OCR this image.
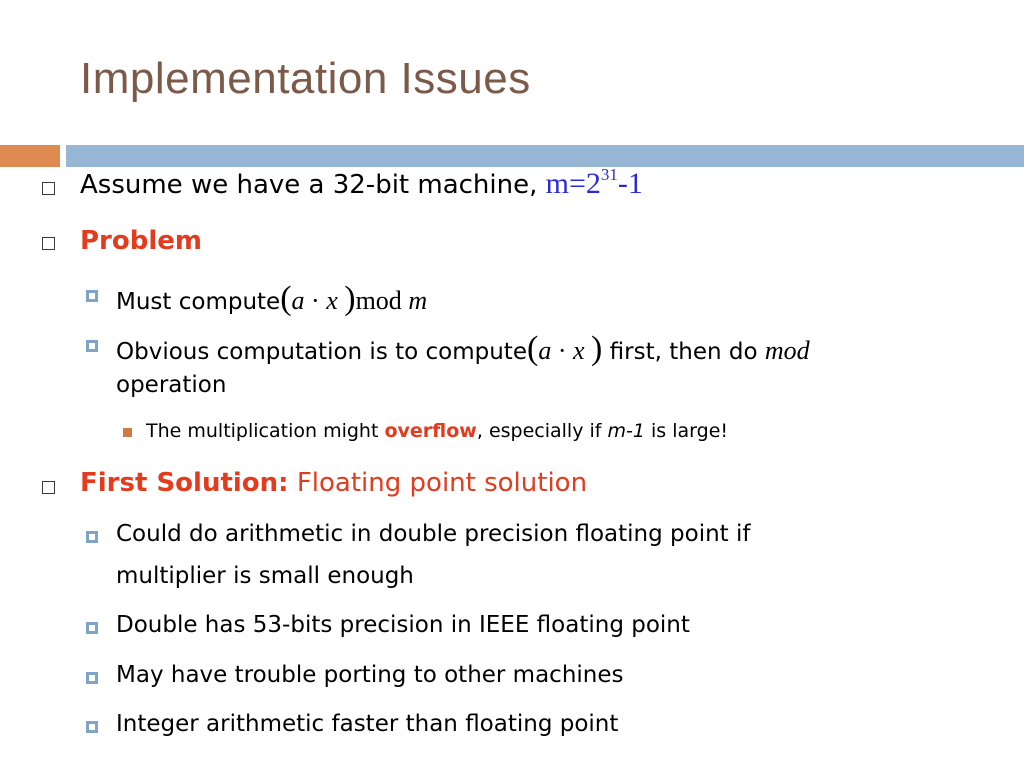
Implementation Issues
Assume we have a 32-bit machine, $m=2^{31}-1$
Problem
Must compute(a · x )mod m
Obvious computation is to compute(a · x ) first, then do mod
operation
The multiplication might overflow, especially if m-1 is large!
First Solution: Floating point solution
Could do arithmetic in double precision floating point if
multiplier is small enough
Double has 53-bits precision in IEEE floating point
May have trouble porting to other machines
Integer arithmetic faster than floating point
